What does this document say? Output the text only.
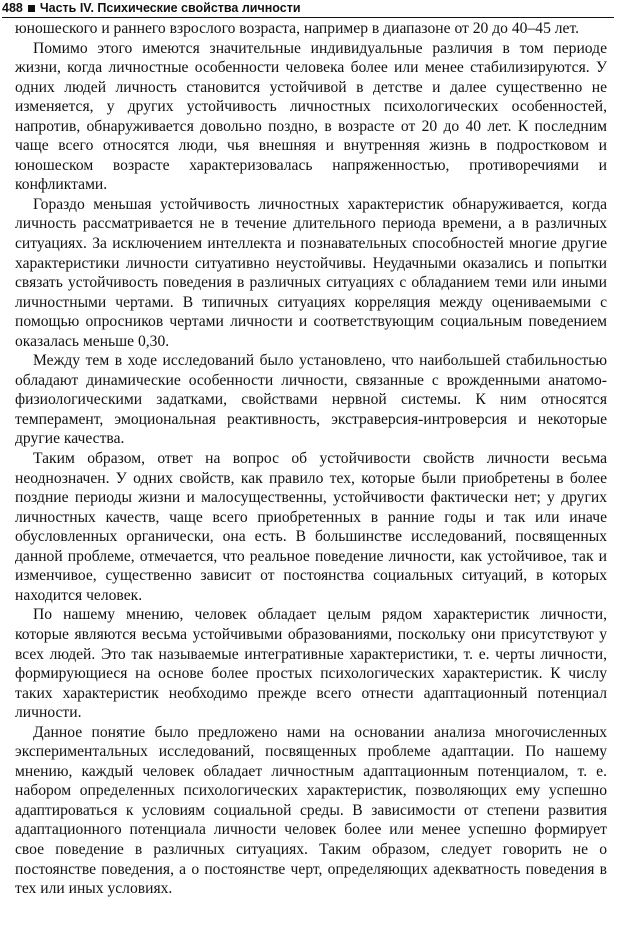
488 Часть IV. Психические свойства личности

юношеского и раннего взрослого возраста, например в диапазоне от 20 до 40–45 лет.

Помимо этого имеются значительные индивидуальные различия в том периоде жизни, когда личностные особенности человека более или менее стабилизируются. У одних людей личность становится устойчивой в детстве и далее существенно не изменяется, у других устойчивость личностных психологических особенностей, напротив, обнаруживается довольно поздно, в возрасте от 20 до 40 лет. К последним чаще всего относятся люди, чья внешняя и внутренняя жизнь в подростковом и юношеском возрасте характеризовалась напряженностью, противоречиями и конфликтами.

Гораздо меньшая устойчивость личностных характеристик обнаруживается, когда личность рассматривается не в течение длительного периода времени, а в различных ситуациях. За исключением интеллекта и познавательных способностей многие другие характеристики личности ситуативно неустойчивы. Неудачными оказались и попытки связать устойчивость поведения в различных ситуациях с обладанием теми или иными личностными чертами. В типичных ситуациях корреляция между оцениваемыми с помощью опросников чертами личности и соответствующим социальным поведением оказалась меньше 0,30.

Между тем в ходе исследований было установлено, что наибольшей стабильностью обладают динамические особенности личности, связанные с врожденными анатомо-физиологическими задатками, свойствами нервной системы. К ним относятся темперамент, эмоциональная реактивность, экстраверсия-интроверсия и некоторые другие качества.

Таким образом, ответ на вопрос об устойчивости свойств личности весьма неоднозначен. У одних свойств, как правило тех, которые были приобретены в более поздние периоды жизни и малосущественны, устойчивости фактически нет; у других личностных качеств, чаще всего приобретенных в ранние годы и так или иначе обусловленных органически, она есть. В большинстве исследований, посвященных данной проблеме, отмечается, что реальное поведение личности, как устойчивое, так и изменчивое, существенно зависит от постоянства социальных ситуаций, в которых находится человек.

По нашему мнению, человек обладает целым рядом характеристик личности, которые являются весьма устойчивыми образованиями, поскольку они присутствуют у всех людей. Это так называемые интегративные характеристики, т. е. черты личности, формирующиеся на основе более простых психологических характеристик. К числу таких характеристик необходимо прежде всего отнести адаптационный потенциал личности.

Данное понятие было предложено нами на основании анализа многочисленных экспериментальных исследований, посвященных проблеме адаптации. По нашему мнению, каждый человек обладает личностным адаптационным потенциалом, т. е. набором определенных психологических характеристик, позволяющих ему успешно адаптироваться к условиям социальной среды. В зависимости от степени развития адаптационного потенциала личности человек более или менее успешно формирует свое поведение в различных ситуациях. Таким образом, следует говорить не о постоянстве поведения, а о постоянстве черт, определяющих адекватность поведения в тех или иных условиях.
